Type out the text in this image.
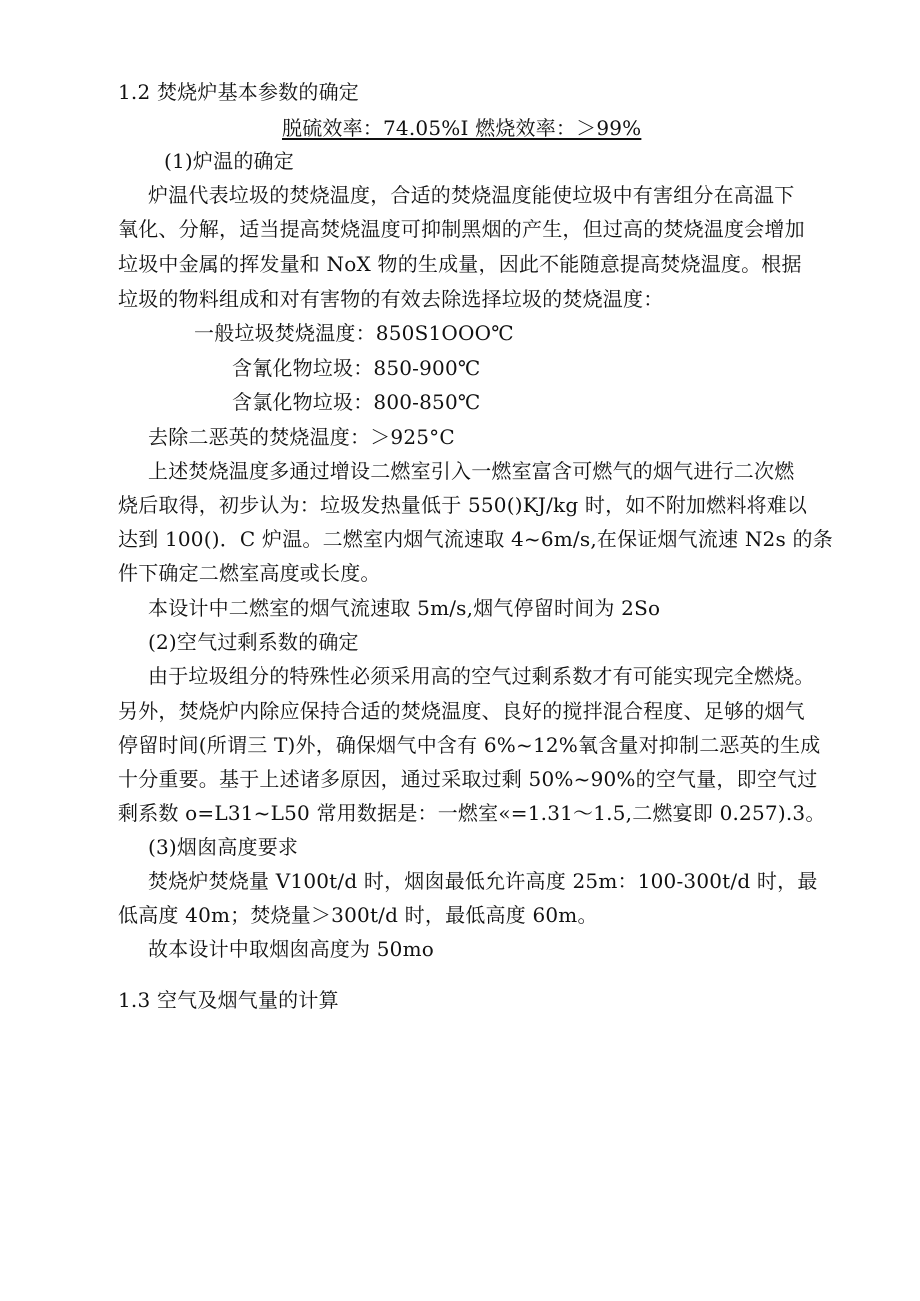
1.2 焚烧炉基本参数的确定
脱硫效率：74.05%I 燃烧效率：＞99%
(1)炉温的确定
炉温代表垃圾的焚烧温度，合适的焚烧温度能使垃圾中有害组分在高温下
氧化、分解，适当提高焚烧温度可抑制黑烟的产生，但过高的焚烧温度会增加
垃圾中金属的挥发量和 NoX 物的生成量，因此不能随意提高焚烧温度。根据
垃圾的物料组成和对有害物的有效去除选择垃圾的焚烧温度：
一般垃圾焚烧温度：850S1OOO℃
含氰化物垃圾：850-900℃
含氯化物垃圾：800-850℃
去除二恶英的焚烧温度：＞925°C
上述焚烧温度多通过增设二燃室引入一燃室富含可燃气的烟气进行二次燃
烧后取得，初步认为：垃圾发热量低于 550()KJ/kg 时，如不附加燃料将难以
达到 100()．C 炉温。二燃室内烟气流速取 4~6m∕s,在保证烟气流速 N2s 的条
件下确定二燃室高度或长度。
本设计中二燃室的烟气流速取 5m∕s,烟气停留时间为 2So
(2)空气过剩系数的确定
由于垃圾组分的特殊性必须采用高的空气过剩系数才有可能实现完全燃烧。
另外，焚烧炉内除应保持合适的焚烧温度、良好的搅拌混合程度、足够的烟气
停留时间(所谓三 T)外，确保烟气中含有 6%~12%氧含量对抑制二恶英的生成
十分重要。基于上述诸多原因，通过采取过剩 50%~90%的空气量，即空气过
剩系数 o=L31~L50 常用数据是：一燃室«=1.31～1.5,二燃宴即 0.257).3。
(3)烟囱高度要求
焚烧炉焚烧量 V100t/d 时，烟囱最低允许高度 25m：100-300t/d 时，最
低高度 40m；焚烧量＞300t/d 时，最低高度 60m。
故本设计中取烟囱高度为 50mo
1.3 空气及烟气量的计算
